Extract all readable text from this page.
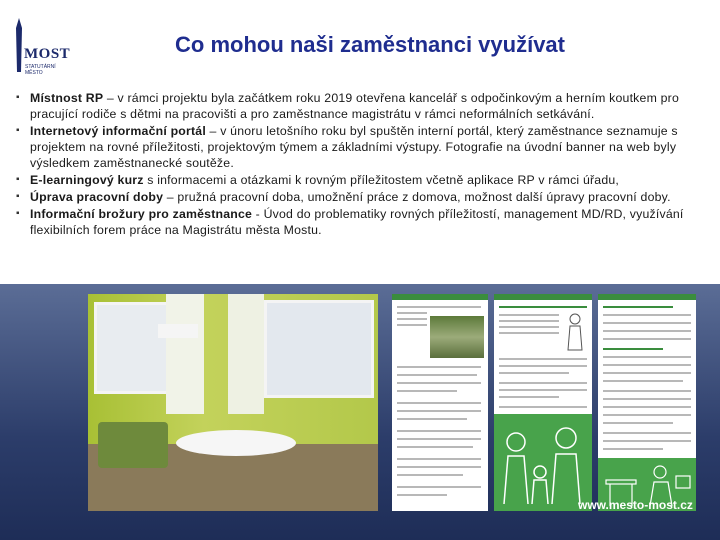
MOST
STATUTÁRNÍ MĚSTO
Co mohou naši zaměstnanci využívat
▪ Místnost RP – v rámci projektu byla začátkem roku 2019 otevřena kancelář s odpočinkovým a herním koutkem pro pracující rodiče s dětmi na pracovišti a pro zaměstnance magistrátu v rámci neformálních setkávání.
▪ Internetový informační portál – v únoru letošního roku byl spuštěn interní portál, který zaměstnance seznamuje s projektem na rovné příležitosti, projektovým týmem a základními výstupy. Fotografie na úvodní banner na web byly výsledkem zaměstnanecké soutěže.
▪ E-learningový kurz s informacemi a otázkami k rovným příležitostem včetně aplikace RP v rámci úřadu,
▪ Úprava pracovní doby – pružná pracovní doba, umožnění práce z domova, možnost další úpravy pracovní doby.
▪ Informační brožury pro zaměstnance - Úvod do problematiky rovných příležitostí, management MD/RD, využívání flexibilních forem práce na Magistrátu města Mostu.
www.mesto-most.cz
